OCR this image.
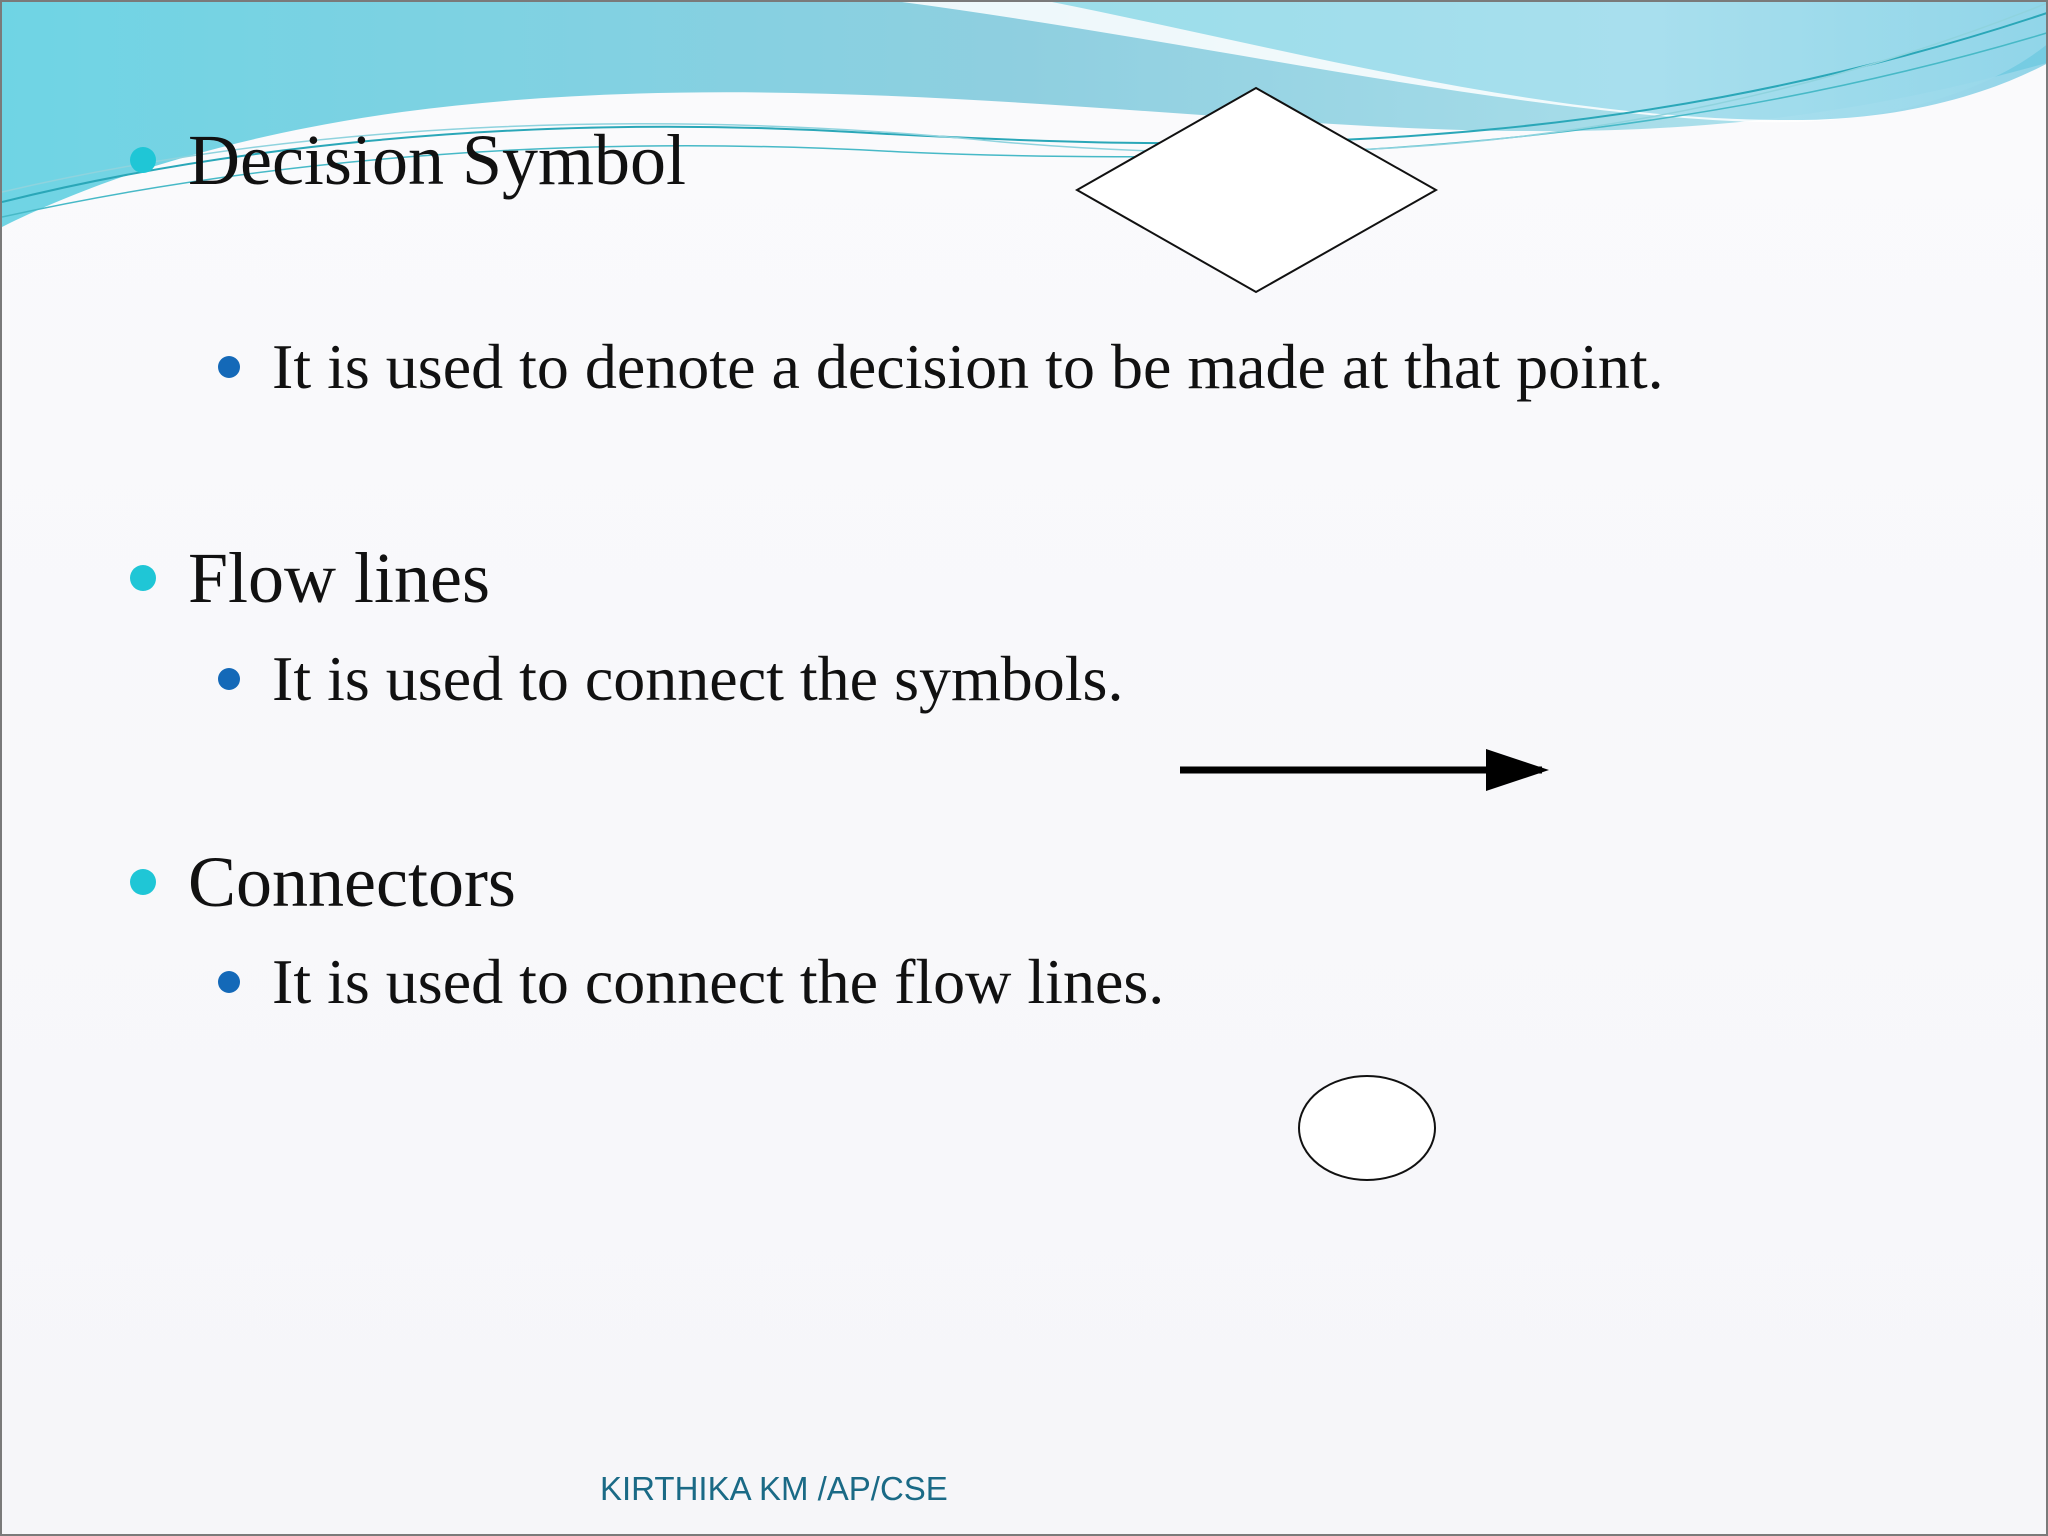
Decision Symbol
It is used to denote a decision to be made at that point.
Flow lines
It is used to connect the symbols.
Connectors
It is used to connect the flow lines.
KIRTHIKA KM /AP/CSE
